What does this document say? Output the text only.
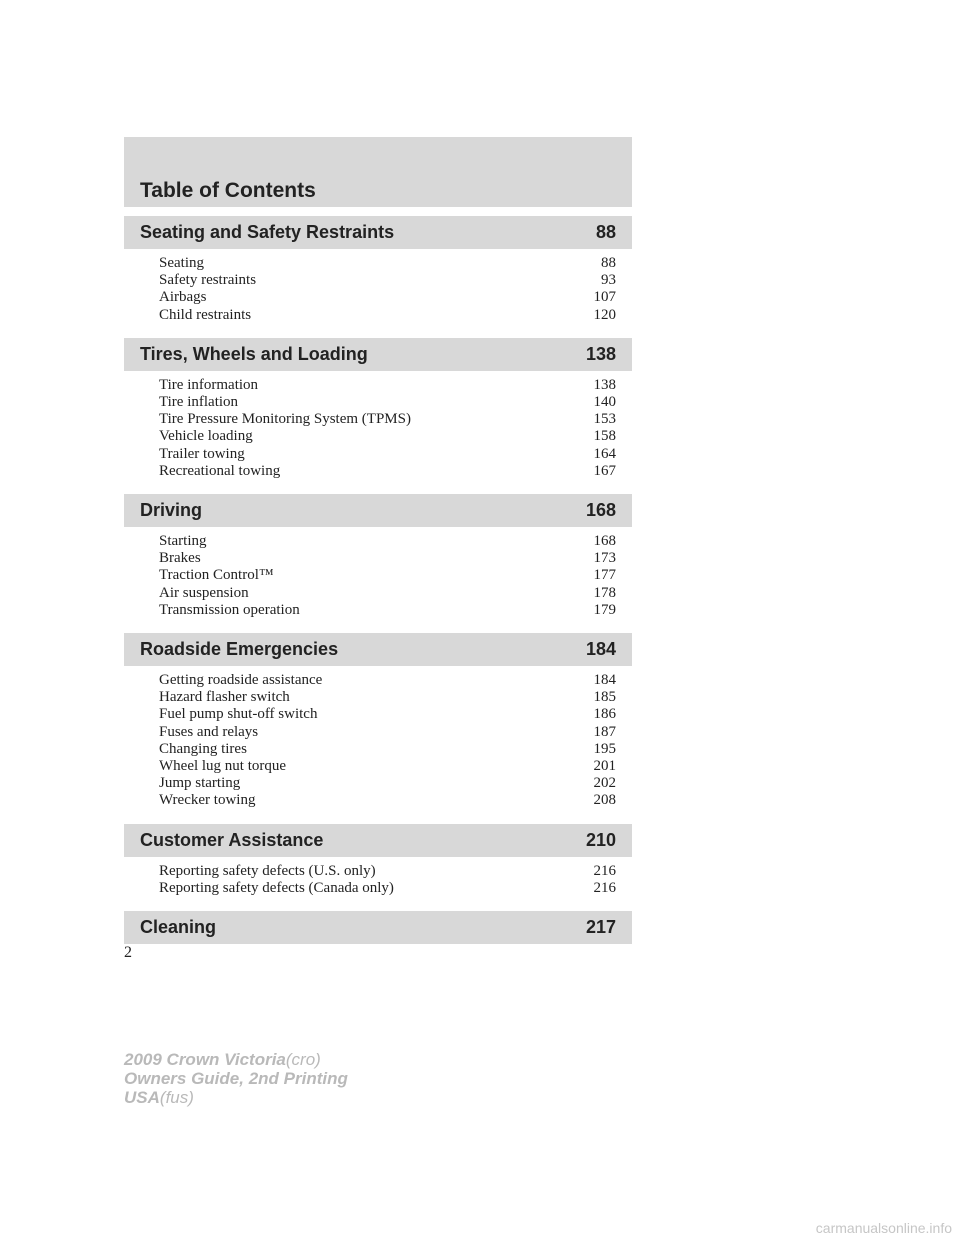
Table of Contents
Seating and Safety Restraints	88
Seating	88
Safety restraints	93
Airbags	107
Child restraints	120
Tires, Wheels and Loading	138
Tire information	138
Tire inflation	140
Tire Pressure Monitoring System (TPMS)	153
Vehicle loading	158
Trailer towing	164
Recreational towing	167
Driving	168
Starting	168
Brakes	173
Traction Control™	177
Air suspension	178
Transmission operation	179
Roadside Emergencies	184
Getting roadside assistance	184
Hazard flasher switch	185
Fuel pump shut-off switch	186
Fuses and relays	187
Changing tires	195
Wheel lug nut torque	201
Jump starting	202
Wrecker towing	208
Customer Assistance	210
Reporting safety defects (U.S. only)	216
Reporting safety defects (Canada only)	216
Cleaning	217
2
2009 Crown Victoria(cro)
Owners Guide, 2nd Printing
USA(fus)
carmanualsonline.info
